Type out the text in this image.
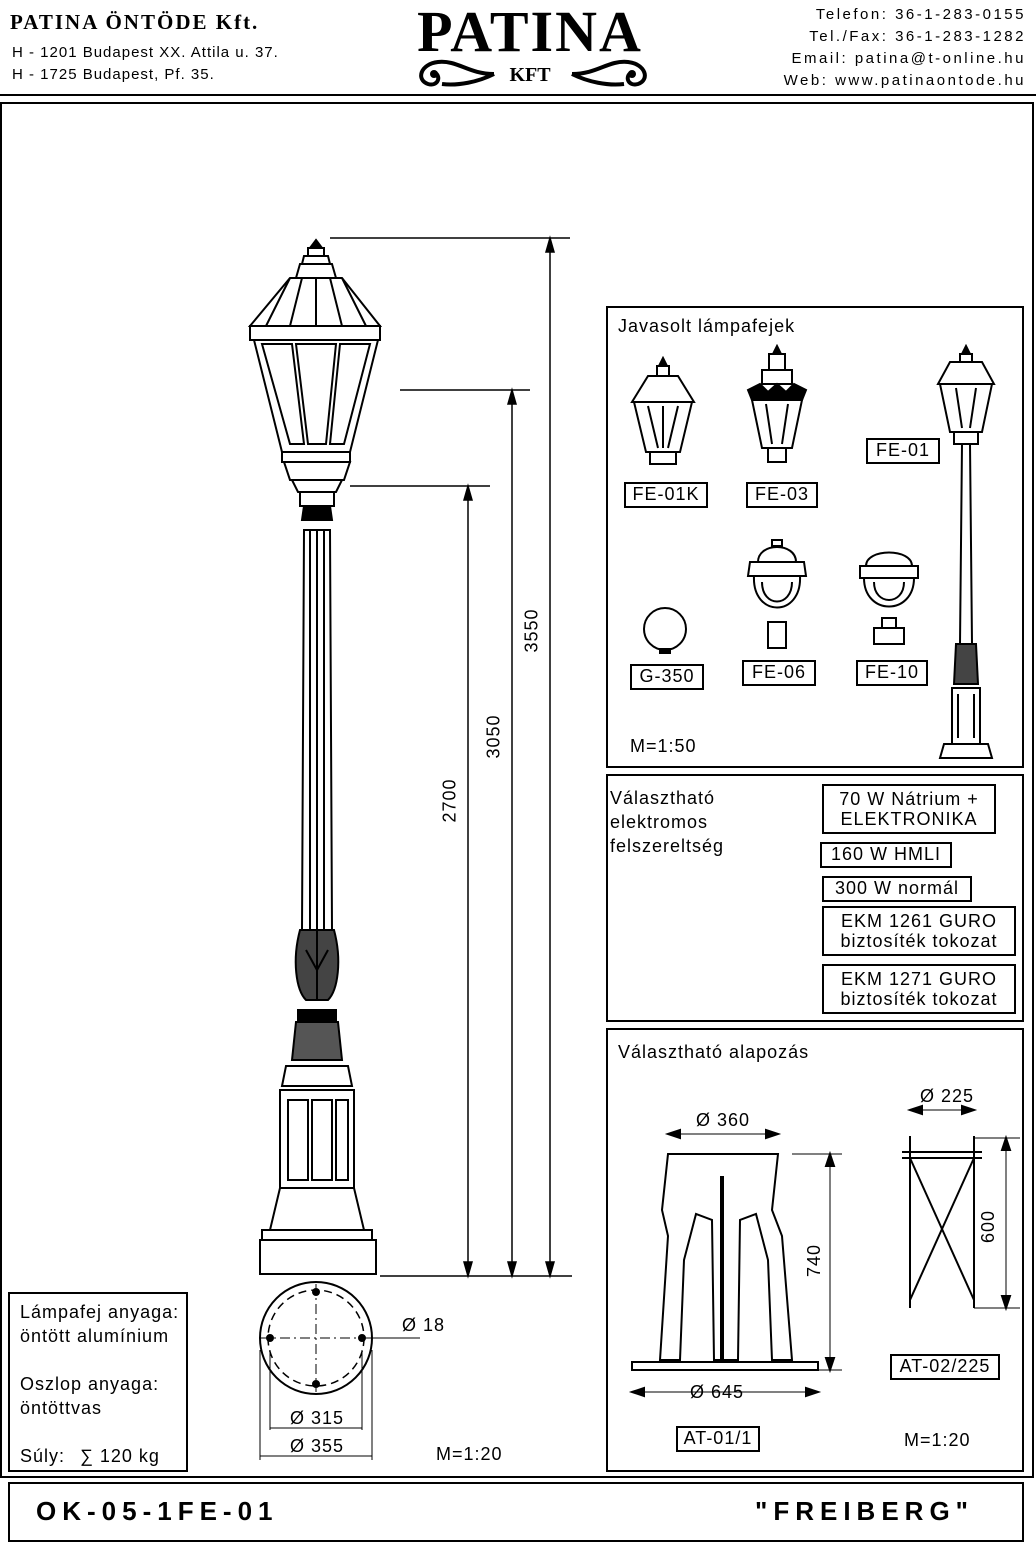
PATINA ÖNTÖDE Kft.
H - 1201 Budapest XX. Attila u. 37.
H - 1725 Budapest, Pf. 35.
PATINA
KFT
Telefon: 36-1-283-0155
Tel./Fax: 36-1-283-1282
Email: patina@t-online.hu
Web: www.patinaontode.hu
3550
3050
2700
Ø 18
Ø 315
Ø 355	M=1:20
Lámpafej anyaga:
öntött alumínium
Oszlop anyaga:
öntöttvas
Súly: ∑ 120 kg
Javasolt lámpafejek
FE-01K	FE-03
FE-01
G-350	FE-06	FE-10
M=1:50
Választható
elektromos
felszereltség
70 W Nátrium +
ELEKTRONIKA
160 W HMLI
300 W normál
EKM 1261 GURO
biztosíték tokozat
EKM 1271 GURO
biztosíték tokozat
Választható alapozás
Ø 360
740
Ø 645
AT-01/1
Ø 225
600
AT-02/225
M=1:20
OK-05-1FE-01	"FREIBERG"
